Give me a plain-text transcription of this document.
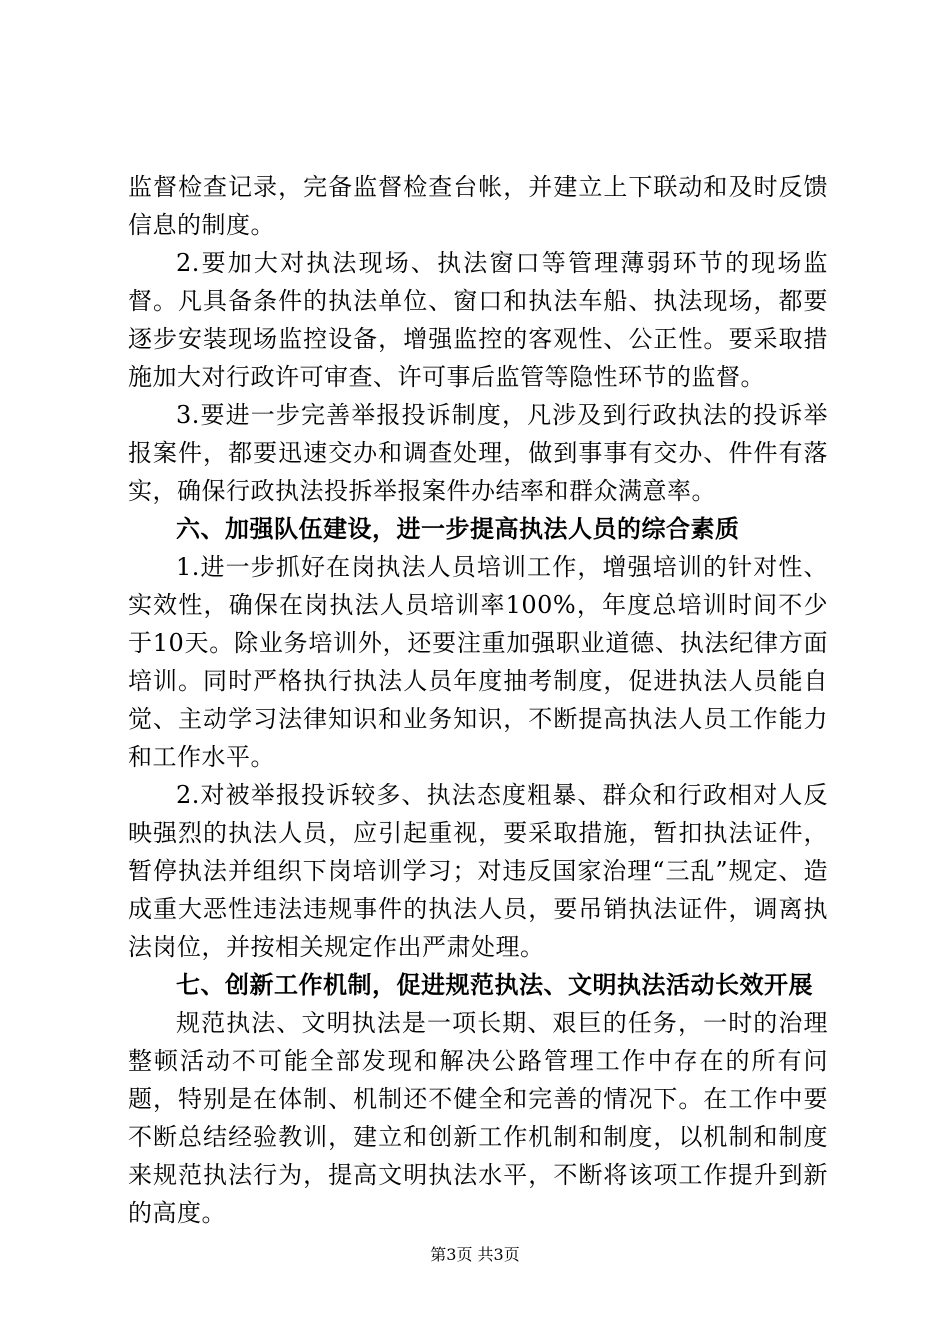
监督检查记录，完备监督检查台帐，并建立上下联动和及时反馈信息的制度。

2.要加大对执法现场、执法窗口等管理薄弱环节的现场监督。凡具备条件的执法单位、窗口和执法车船、执法现场，都要逐步安装现场监控设备，增强监控的客观性、公正性。要采取措施加大对行政许可审查、许可事后监管等隐性环节的监督。

3.要进一步完善举报投诉制度，凡涉及到行政执法的投诉举报案件，都要迅速交办和调查处理，做到事事有交办、件件有落实，确保行政执法投拆举报案件办结率和群众满意率。

六、加强队伍建设，进一步提高执法人员的综合素质

1.进一步抓好在岗执法人员培训工作，增强培训的针对性、实效性，确保在岗执法人员培训率100%，年度总培训时间不少于10天。除业务培训外，还要注重加强职业道德、执法纪律方面培训。同时严格执行执法人员年度抽考制度，促进执法人员能自觉、主动学习法律知识和业务知识，不断提高执法人员工作能力和工作水平。

2.对被举报投诉较多、执法态度粗暴、群众和行政相对人反映强烈的执法人员，应引起重视，要采取措施，暂扣执法证件，暂停执法并组织下岗培训学习；对违反国家治理“三乱”规定、造成重大恶性违法违规事件的执法人员，要吊销执法证件，调离执法岗位，并按相关规定作出严肃处理。

七、创新工作机制，促进规范执法、文明执法活动长效开展

规范执法、文明执法是一项长期、艰巨的任务，一时的治理整顿活动不可能全部发现和解决公路管理工作中存在的所有问题，特别是在体制、机制还不健全和完善的情况下。在工作中要不断总结经验教训，建立和创新工作机制和制度，以机制和制度来规范执法行为，提高文明执法水平，不断将该项工作提升到新的高度。

第3页 共3页
